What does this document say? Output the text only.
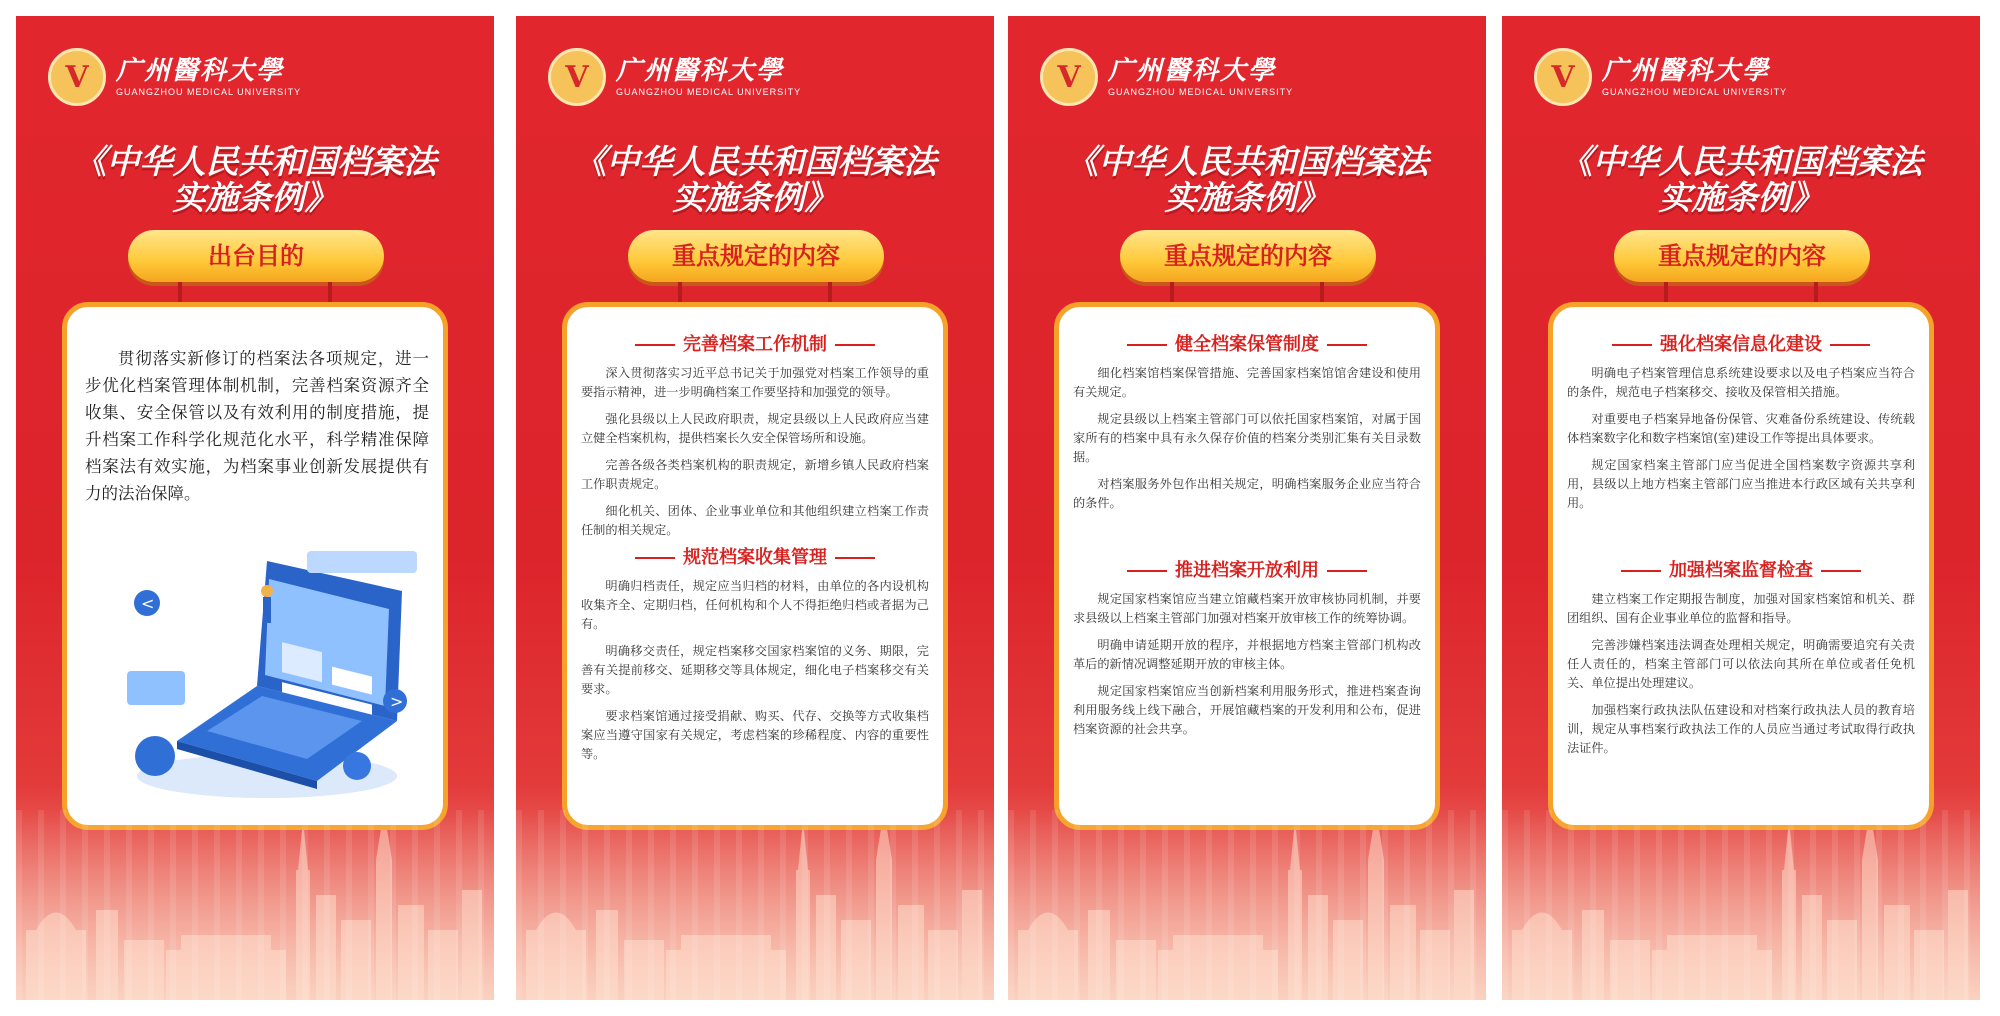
V 广州醫科大學
GUANGZHOU MEDICAL UNIVERSITY
《中华人民共和国档案法
实施条例》
出台目的
贯彻落实新修订的档案法各项规定，进一步优化档案管理体制机制，完善档案资源齐全收集、安全保管以及有效利用的制度措施，提升档案工作科学化规范化水平，科学精准保障档案法有效实施，为档案事业创新发展提供有力的法治保障。
<
>
V 广州醫科大學
GUANGZHOU MEDICAL UNIVERSITY
《中华人民共和国档案法
实施条例》
重点规定的内容
完善档案工作机制

深入贯彻落实习近平总书记关于加强党对档案工作领导的重要指示精神，进一步明确档案工作要坚持和加强党的领导。

强化县级以上人民政府职责，规定县级以上人民政府应当建立健全档案机构，提供档案长久安全保管场所和设施。

完善各级各类档案机构的职责规定，新增乡镇人民政府档案工作职责规定。

细化机关、团体、企业事业单位和其他组织建立档案工作责任制的相关规定。

规范档案收集管理

明确归档责任，规定应当归档的材料，由单位的各内设机构收集齐全、定期归档，任何机构和个人不得拒绝归档或者据为己有。

明确移交责任，规定档案移交国家档案馆的义务、期限，完善有关提前移交、延期移交等具体规定，细化电子档案移交有关要求。

要求档案馆通过接受捐献、购买、代存、交换等方式收集档案应当遵守国家有关规定，考虑档案的珍稀程度、内容的重要性等。

V 广州醫科大學
GUANGZHOU MEDICAL UNIVERSITY
《中华人民共和国档案法
实施条例》
重点规定的内容
健全档案保管制度

细化档案馆档案保管措施、完善国家档案馆馆舍建设和使用有关规定。

规定县级以上档案主管部门可以依托国家档案馆，对属于国家所有的档案中具有永久保存价值的档案分类别汇集有关目录数据。

对档案服务外包作出相关规定，明确档案服务企业应当符合的条件。

推进档案开放利用

规定国家档案馆应当建立馆藏档案开放审核协同机制，并要求县级以上档案主管部门加强对档案开放审核工作的统筹协调。

明确申请延期开放的程序，并根据地方档案主管部门机构改革后的新情况调整延期开放的审核主体。

规定国家档案馆应当创新档案利用服务形式，推进档案查询利用服务线上线下融合，开展馆藏档案的开发利用和公布，促进档案资源的社会共享。

V 广州醫科大學
GUANGZHOU MEDICAL UNIVERSITY
《中华人民共和国档案法
实施条例》
重点规定的内容
强化档案信息化建设

明确电子档案管理信息系统建设要求以及电子档案应当符合的条件，规范电子档案移交、接收及保管相关措施。

对重要电子档案异地备份保管、灾难备份系统建设、传统载体档案数字化和数字档案馆(室)建设工作等提出具体要求。

规定国家档案主管部门应当促进全国档案数字资源共享利用，县级以上地方档案主管部门应当推进本行政区域有关共享利用。

加强档案监督检查

建立档案工作定期报告制度，加强对国家档案馆和机关、群团组织、国有企业事业单位的监督和指导。

完善涉嫌档案违法调查处理相关规定，明确需要追究有关责任人责任的，档案主管部门可以依法向其所在单位或者任免机关、单位提出处理建议。

加强档案行政执法队伍建设和对档案行政执法人员的教育培训，规定从事档案行政执法工作的人员应当通过考试取得行政执法证件。
